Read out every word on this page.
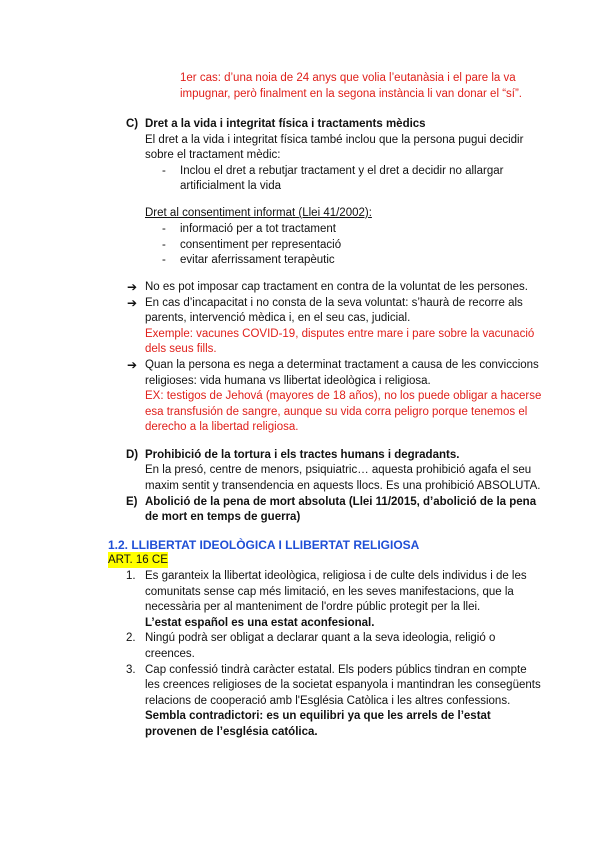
1er cas: d’una noia de 24 anys que volia l’eutanàsia i el pare la va
impugnar, però finalment en la segona instància li van donar el “sí”.
C) Dret a la vida i integritat física i tractaments mèdics
El dret a la vida i integritat física també inclou que la persona pugui decidir
sobre el tractament mèdic:
- Inclou el dret a rebutjar tractament y el dret a decidir no allargar
artificialment la vida
Dret al consentiment informat (Llei 41/2002):
- informació per a tot tractament
- consentiment per representació
- evitar aferrissament terapèutic
➔ No es pot imposar cap tractament en contra de la voluntat de les persones.
➔ En cas d’incapacitat i no consta de la seva voluntat: s’haurà de recorre als
parents, intervenció mèdica i, en el seu cas, judicial.
Exemple: vacunes COVID-19, disputes entre mare i pare sobre la vacunació
dels seus fills.
➔ Quan la persona es nega a determinat tractament a causa de les conviccions
religioses: vida humana vs llibertat ideològica i religiosa.
EX: testigos de Jehová (mayores de 18 años), no los puede obligar a hacerse
esa transfusión de sangre, aunque su vida corra peligro porque tenemos el
derecho a la libertad religiosa.
D) Prohibició de la tortura i els tractes humans i degradants.
En la presó, centre de menors, psiquiatric… aquesta prohibició agafa el seu
maxim sentit y transendencia en aquests llocs. Es una prohibició ABSOLUTA.
E) Abolició de la pena de mort absoluta (Llei 11/2015, d’abolició de la pena
de mort en temps de guerra)
1.2. LLIBERTAT IDEOLÒGICA I LLIBERTAT RELIGIOSA
ART. 16 CE
1. Es garanteix la llibertat ideològica, religiosa i de culte dels individus i de les
comunitats sense cap més limitació, en les seves manifestacions, que la
necessària per al manteniment de l'ordre públic protegit per la llei.
L’estat español es una estat aconfesional.
2. Ningú podrà ser obligat a declarar quant a la seva ideologia, religió o
creences.
3. Cap confessió tindrà caràcter estatal. Els poders públics tindran en compte
les creences religioses de la societat espanyola i mantindran les consegüents
relacions de cooperació amb l'Església Catòlica i les altres confessions.
Sembla contradictori: es un equilibri ya que les arrels de l’estat
provenen de l’església católica.
